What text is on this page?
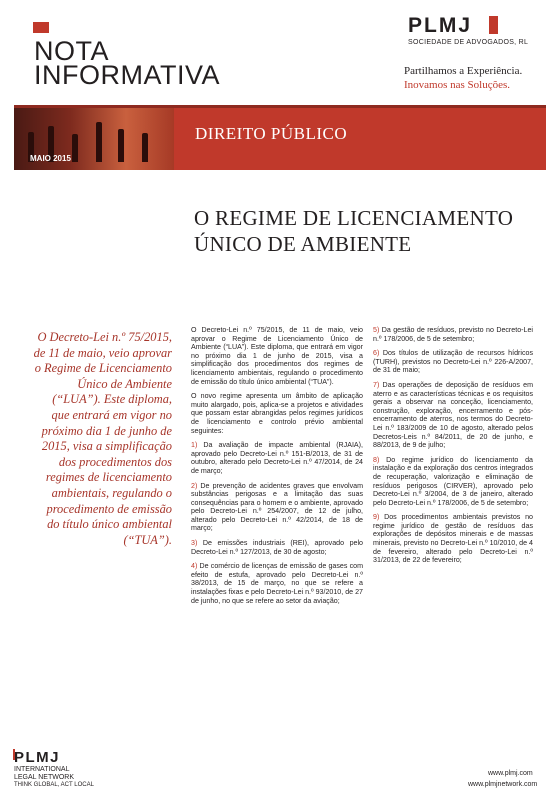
NOTA
INFORMATIVA
PLMJ
SOCIEDADE DE ADVOGADOS, RL
Partilhamos a Experiência.
Inovamos nas Soluções.
DIREITO PÚBLICO
MAIO 2015
O REGIME DE LICENCIAMENTO
ÚNICO DE AMBIENTE
O Decreto-Lei n.º 75/2015, de 11 de maio, veio aprovar o Regime de Licenciamento Único de Ambiente (“LUA”). Este diploma, que entrará em vigor no próximo dia 1 de junho de 2015, visa a simplificação dos procedimentos dos regimes de licenciamento ambientais, regulando o procedimento de emissão do título único ambiental (“TUA”).

O Decreto-Lei n.º 75/2015, de 11 de maio, veio aprovar o Regime de Licenciamento Único de Ambiente (“LUA”). Este diploma, que entrará em vigor no próximo dia 1 de junho de 2015, visa a simplificação dos procedimentos dos regimes de licenciamento ambientais, regulando o procedimento de emissão do título único ambiental (“TUA”).

O novo regime apresenta um âmbito de aplicação muito alargado, pois, aplica-se a projetos e atividades que possam estar abrangidas pelos regimes jurídicos de licenciamento e controlo prévio ambiental seguintes:

1) Da avaliação de impacte ambiental (RJAIA), aprovado pelo Decreto-Lei n.º 151-B/2013, de 31 de outubro, alterado pelo Decreto-Lei n.º 47/2014, de 24 de março;

2) De prevenção de acidentes graves que envolvam substâncias perigosas e a limitação das suas consequências para o homem e o ambiente, aprovado pelo Decreto-Lei n.º 254/2007, de 12 de julho, alterado pelo Decreto-Lei n.º 42/2014, de 18 de março;

3) De emissões industriais (REI), aprovado pelo Decreto-Lei n.º 127/2013, de 30 de agosto;

4) De comércio de licenças de emissão de gases com efeito de estufa, aprovado pelo Decreto-Lei n.º 38/2013, de 15 de março, no que se refere a instalações fixas e pelo Decreto-Lei n.º 93/2010, de 27 de junho, no que se refere ao setor da aviação;

5) Da gestão de resíduos, previsto no Decreto-Lei n.º 178/2006, de 5 de setembro;

6) Dos títulos de utilização de recursos hídricos (TURH), previstos no Decreto-Lei n.º 226-A/2007, de 31 de maio;

7) Das operações de deposição de resíduos em aterro e as características técnicas e os requisitos gerais a observar na conceção, licenciamento, construção, exploração, encerramento e pós-encerramento de aterros, nos termos do Decreto-Lei n.º 183/2009 de 10 de agosto, alterado pelos Decretos-Leis n.º 84/2011, de 20 de junho, e 88/2013, de 9 de julho;

8) Do regime jurídico do licenciamento da instalação e da exploração dos centros integrados de recuperação, valorização e eliminação de resíduos perigosos (CIRVER), aprovado pelo Decreto-Lei n.º 3/2004, de 3 de janeiro, alterado pelo Decreto-Lei n.º 178/2006, de 5 de setembro;

9) Dos procedimentos ambientais previstos no regime jurídico de gestão de resíduos das explorações de depósitos minerais e de massas minerais, previsto no Decreto-Lei n.º 10/2010, de 4 de fevereiro, alterado pelo Decreto-Lei n.º 31/2013, de 22 de fevereiro;

PLMJ
INTERNATIONAL
LEGAL NETWORK
THINK GLOBAL, ACT LOCAL
www.plmj.com
www.plmjnetwork.com
